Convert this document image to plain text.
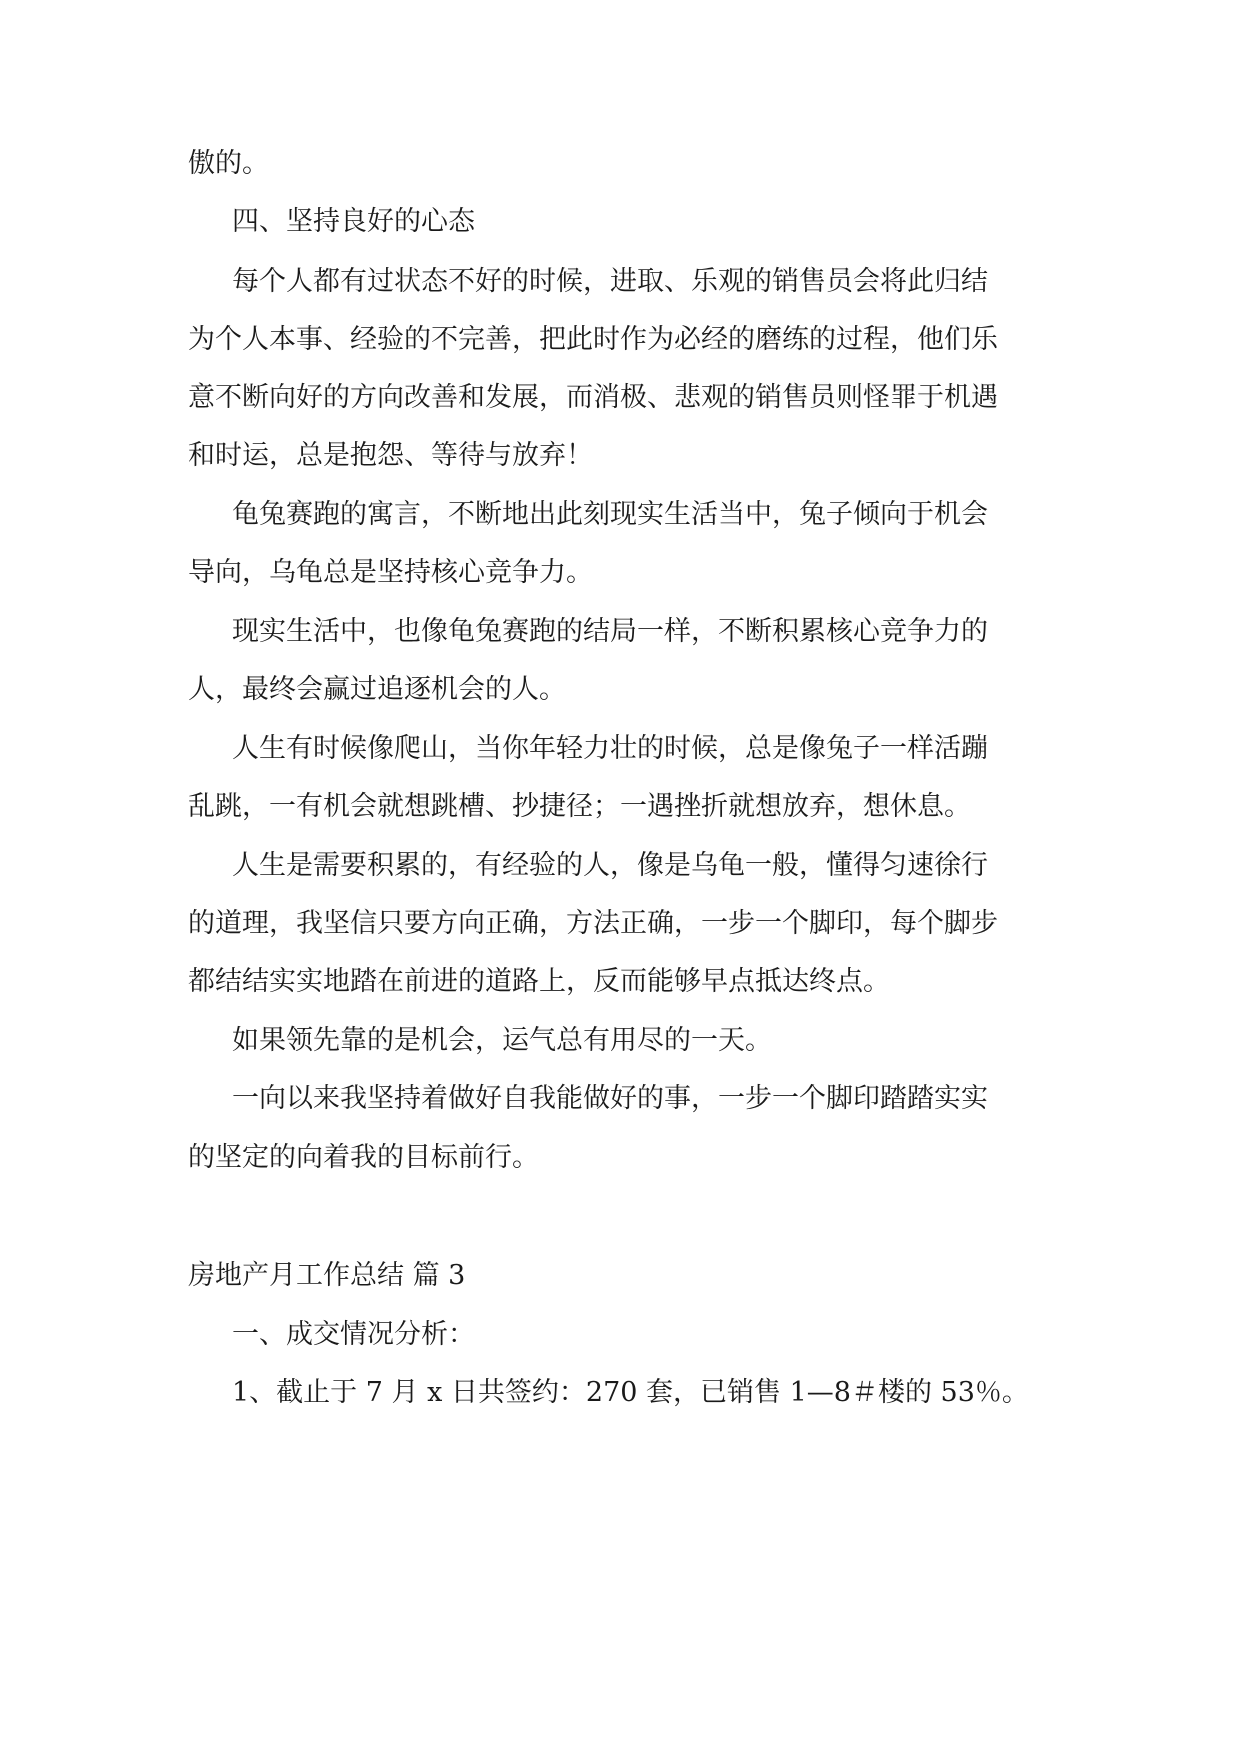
傲的。
四、坚持良好的心态
每个人都有过状态不好的时候，进取、乐观的销售员会将此归结
为个人本事、经验的不完善，把此时作为必经的磨练的过程，他们乐
意不断向好的方向改善和发展，而消极、悲观的销售员则怪罪于机遇
和时运，总是抱怨、等待与放弃！
龟兔赛跑的寓言，不断地出此刻现实生活当中，兔子倾向于机会
导向，乌龟总是坚持核心竞争力。
现实生活中，也像龟兔赛跑的结局一样，不断积累核心竞争力的
人，最终会赢过追逐机会的人。
人生有时候像爬山，当你年轻力壮的时候，总是像兔子一样活蹦
乱跳，一有机会就想跳槽、抄捷径；一遇挫折就想放弃，想休息。
人生是需要积累的，有经验的人，像是乌龟一般，懂得匀速徐行
的道理，我坚信只要方向正确，方法正确，一步一个脚印，每个脚步
都结结实实地踏在前进的道路上，反而能够早点抵达终点。
如果领先靠的是机会，运气总有用尽的一天。
一向以来我坚持着做好自我能做好的事，一步一个脚印踏踏实实
的坚定的向着我的目标前行。
房地产月工作总结 篇 3
一、成交情况分析：
1、截止于 7 月 x 日共签约：270 套，已销售 1—8＃楼的 53％。
